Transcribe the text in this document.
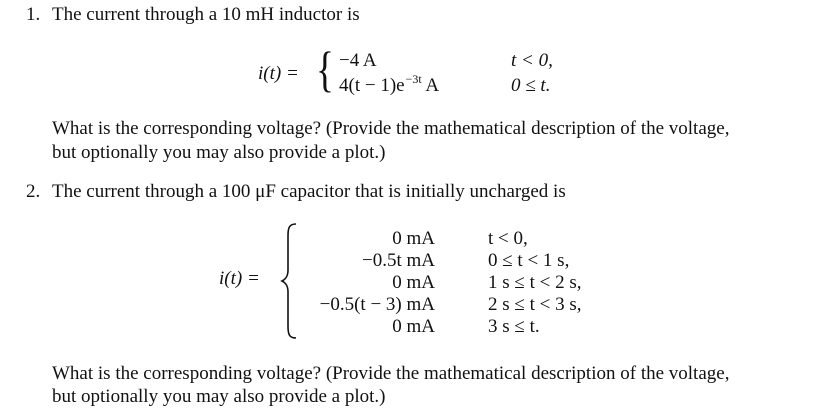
1. The current through a 10 mH inductor is
i(t) = { −4 A	t < 0,
$4(t - 1)e^{-3t}$ A	0 ≤ t.
What is the corresponding voltage? (Provide the mathematical description of the voltage,
but optionally you may also provide a plot.)
2. The current through a 100 μF capacitor that is initially uncharged is
i(t) =
0 mA
−0.5t mA
0 mA
−0.5(t − 3) mA
0 mA
t < 0,
0 ≤ t < 1 s,
1 s ≤ t < 2 s,
2 s ≤ t < 3 s,
3 s ≤ t.
What is the corresponding voltage? (Provide the mathematical description of the voltage,
but optionally you may also provide a plot.)
